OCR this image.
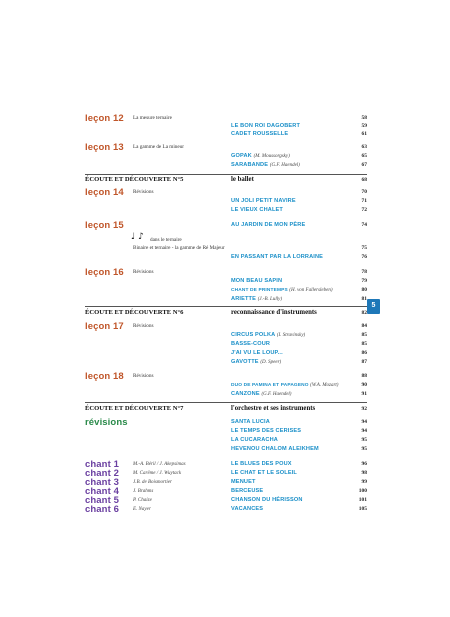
leçon 12 La mesure ternaire	58
LE BON ROI DAGOBERT	59
CADET ROUSSELLE	61
leçon 13 La gamme de La mineur	63
GOPAK (M. Moussorgsky)	65
SARABANDE (G.F. Haendel)	67
ÉCOUTE ET DÉCOUVERTE N°5	le ballet	68
leçon 14 Révisions	70
UN JOLI PETIT NAVIRE	71
LE VIEUX CHALET	72
leçon 15	AU JARDIN DE MON PÈRE	74
♩ ♪ dans le ternaire
Binaire et ternaire - la gamme de Ré Majeur	75
EN PASSANT PAR LA LORRAINE	76
leçon 16 Révisions	78
MON BEAU SAPIN	79
CHANT DE PRINTEMPS (H. von Fallersleben)	80
ARIETTE (J.-B. Lully)	81
5
ÉCOUTE ET DÉCOUVERTE N°6	reconnaissance d'instruments	82
leçon 17 Révisions	84
CIRCUS POLKA (I. Stravinsky)	85
BASSE-COUR	85
J'AI VU LE LOUP...	86
GAVOTTE (D. Speer)	87
leçon 18 Révisions	88
DUO DE PAMINA ET PAPAGENO (W.A. Mozart)	90
CANZONE (G.F. Haendel)	91
ÉCOUTE ET DÉCOUVERTE N°7	l'orchestre et ses instruments	92
révisions	SANTA LUCIA	94
LE TEMPS DES CERISES	94
LA CUCARACHA	95
HEVENOU CHALOM ALEIKHEM	95
chant 1	M.-A. Béril / J. Akepsimas	LE BLUES DES POUX	96
chant 2	M. Carême / J. Wuytack	LE CHAT ET LE SOLEIL	98
chant 3	J.B. de Boismortier	MENUET	99
chant 4	J. Brahms	BERCEUSE	100
chant 5	P. Chaize	CHANSON DU HÉRISSON	101
chant 6	E. Nayer	VACANCES	105
